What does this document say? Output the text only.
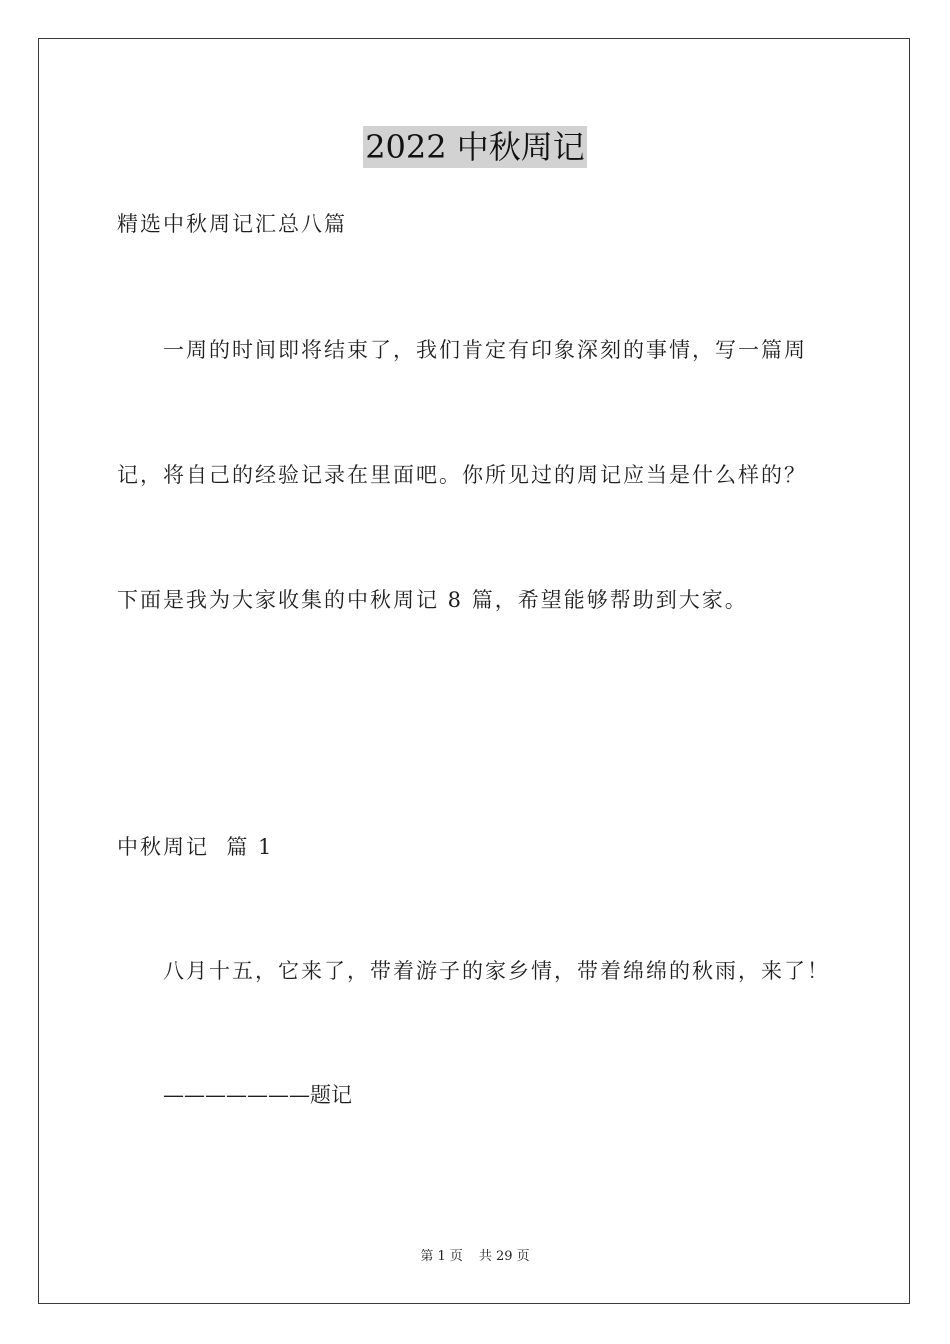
2022 中秋周记
精选中秋周记汇总八篇
一周的时间即将结束了，我们肯定有印象深刻的事情，写一篇周
记，将自己的经验记录在里面吧。你所见过的周记应当是什么样的？
下面是我为大家收集的中秋周记 8 篇，希望能够帮助到大家。
中秋周记  篇 1
八月十五，它来了，带着游子的家乡情，带着绵绵的秋雨，来了！
———————题记
第 1 页 共 29 页
